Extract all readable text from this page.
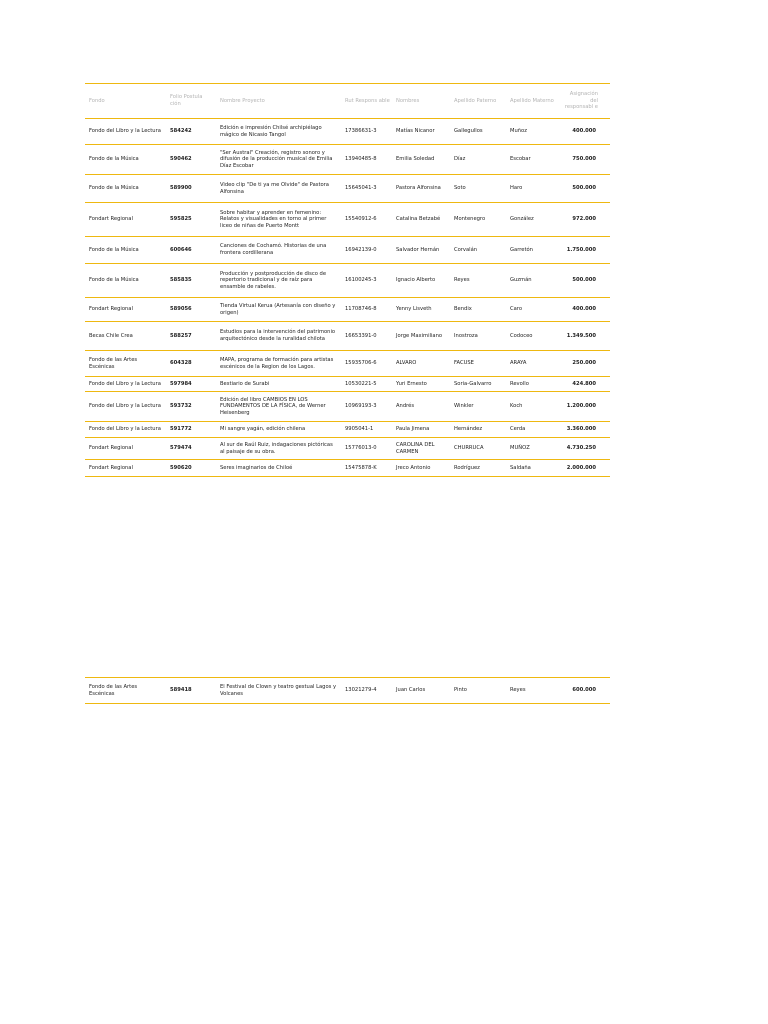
Fondo	Folio Postula ción	Nombre Proyecto	Rut Respons able	Nombres	Apellido Paterno	Apellido Materno	Asignación del responsabl e
Fondo del Libro y la Lectura	584242	Edición e impresión Chilsé archipiélago mágico de Nicasio Tangol	17386631-3	Matías Nicanor	Gallegullos	Muñoz	400.000
Fondo de la Música	590462	"Ser Austral" Creación, registro sonoro y difusión de la producción musical de Emilia Díaz Escobar	13940485-8	Emilia Soledad	Díaz	Escobar	750.000
Fondo de la Música	589900	Video clip "De ti ya me Olvide" de Pastora Alfonsina	15645041-3	Pastora Alfonsina	Soto	Haro	500.000
Fondart Regional	595825	Sobre habitar y aprender en femenino: Relatos y visualidades en torno al primer liceo de niñas de Puerto Montt	15540912-6	Catalina Betzabé	Montenegro	González	972.000
Fondo de la Música	600646	Canciones de Cochamó. Historias de una frontera cordillerana	16942139-0	Salvador Hernán	Corvalán	Garretón	1.750.000
Fondo de la Música	585835	Producción y postproducción de disco de repertorio tradicional y de raíz para ensamble de rabeles.	16100245-3	Ignacio Alberto	Reyes	Guzmán	500.000
Fondart Regional	589056	Tienda Virtual Kerua (Artesanía con diseño y origen)	11708746-8	Yenny Lisveth	Bendix	Caro	400.000
Becas Chile Crea	588257	Estudios para la intervención del patrimonio arquitectónico desde la ruralidad chilota	16653391-0	Jorge Maximiliano	Inostroza	Codoceo	1.349.500
Fondo de las Artes Escénicas	604328	MAPA, programa de formación para artistas escénicos de la Region de los Lagos.	15935706-6	ALVARO	FACUSE	ARAYA	250.000
Fondo del Libro y la Lectura	597984	Bestiario de Surabi	10530221-5	Yuri Ernesto	Soria-Galvarro	Revollo	424.800
Fondo del Libro y la Lectura	593732	Edición del libro CAMBIOS EN LOS FUNDAMENTOS DE LA FÍSICA, de Werner Heisenberg	10969193-3	Andrés	Winkler	Koch	1.200.000
Fondo del Libro y la Lectura	591772	Mi sangre yagán, edición chilena	9905041-1	Paula Jimena	Hernández	Cerda	3.360.000
Fondart Regional	579474	Al sur de Raúl Ruiz, indagaciones pictóricas al paisaje de su obra.	15776013-0	CAROLINA DEL CARMEN	CHURRUCA	MUÑOZ	4.730.250
Fondart Regional	590620	Seres imaginarios de Chiloé	15475878-K	Jreco Antonio	Rodríguez	Saldaña	2.000.000
Fondo de las Artes Escénicas	589418	El Festival de Clown y teatro gestual Lagos y Volcanes	13021279-4	Juan Carlos	Pinto	Reyes	600.000
